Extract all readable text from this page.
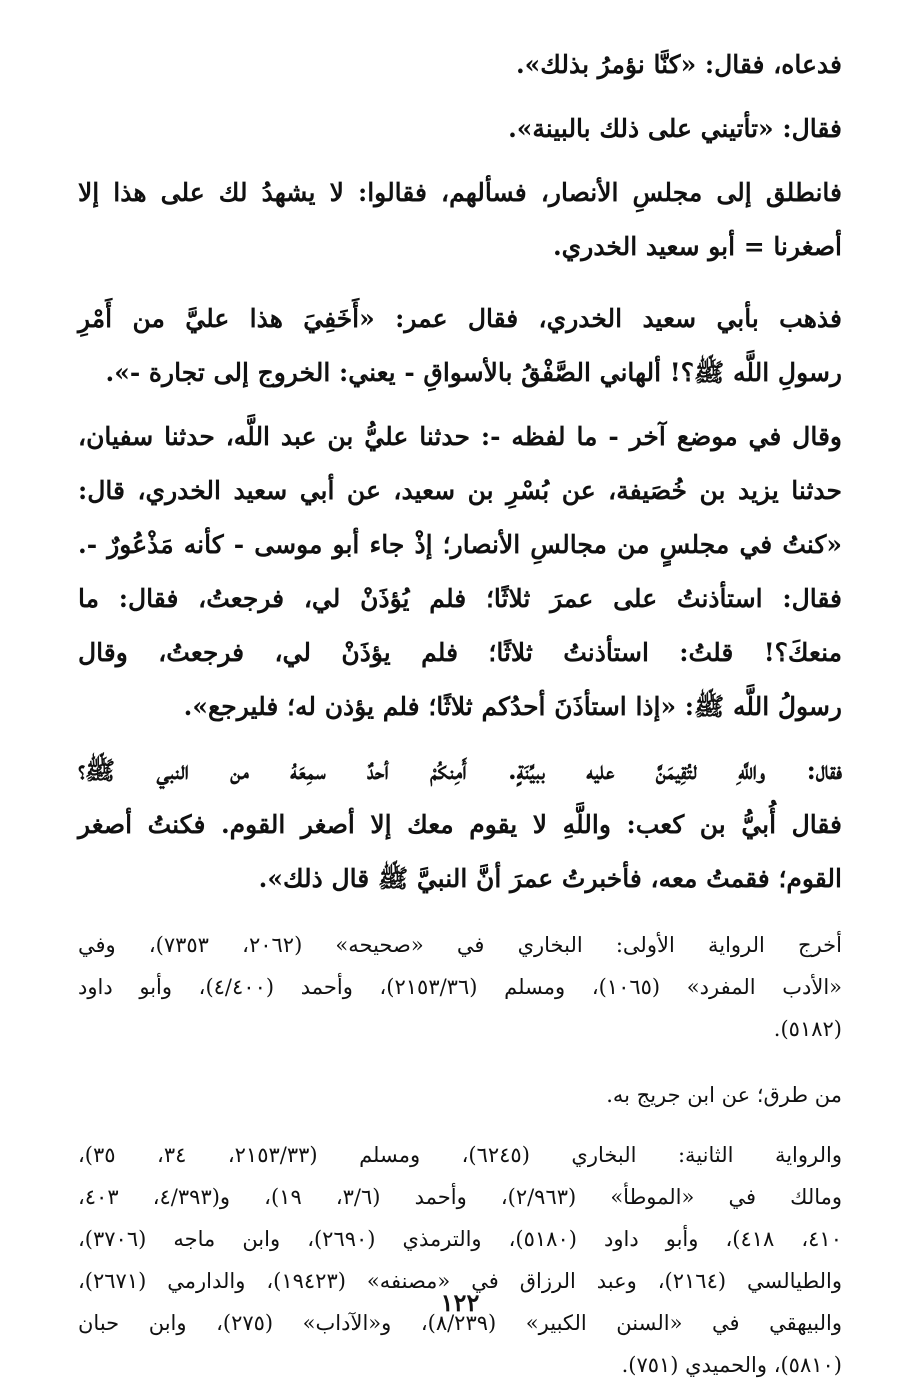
فدعاه، فقال: «كنَّا نؤمرُ بذلك».
فقال: «تأتيني على ذلك بالبينة».
فانطلق إلى مجلسِ الأنصار، فسألهم، فقالوا: لا يشهدُ لك على هذا إلا
أصغرنا = أبو سعيد الخدري.
فذهب بأبي سعيد الخدري، فقال عمر: «أَخَفِيَ هذا عليَّ من أَمْرِ
رسولِ اللَّه ﷺ؟! ألهاني الصَّفْقُ بالأسواقِ - يعني: الخروج إلى تجارة -».
وقال في موضع آخر - ما لفظه -: حدثنا عليُّ بن عبد اللَّه، حدثنا سفيان،
حدثنا يزيد بن خُصَيفة، عن بُسْرِ بن سعيد، عن أبي سعيد الخدري، قال:
«كنتُ في مجلسٍ من مجالسِ الأنصار؛ إذْ جاء أبو موسى - كأنه مَذْعُورٌ -.
فقال: استأذنتُ على عمرَ ثلاثًا؛ فلم يُؤذَنْ لي، فرجعتُ، فقال: ما
منعكَ؟! قلتُ: استأذنتُ ثلاثًا؛ فلم يؤذَنْ لي، فرجعتُ، وقال
رسولُ اللَّه ﷺ: «إذا استأذَنَ أحدُكم ثلاثًا؛ فلم يؤذن له؛ فليرجع».
فقال: واللَّهِ لتُقِيمَنَّ عليه ببيِّنَةٍ. أَمِنكُمْ أحدٌ سمِعَهُ من النبي ﷺ؟
فقال أُبيُّ بن كعب: واللَّهِ لا يقوم معك إلا أصغر القوم. فكنتُ أصغر
القوم؛ فقمتُ معه، فأخبرتُ عمرَ أنَّ النبيَّ ﷺ قال ذلك».
أخرج الرواية الأولى: البخاري في «صحيحه» (٢٠٦٢، ٧٣٥٣)، وفي
«الأدب المفرد» (١٠٦٥)، ومسلم (٢١٥٣/٣٦)، وأحمد (٤/٤٠٠)، وأبو داود
(٥١٨٢).
من طرق؛ عن ابن جريج به.
والرواية الثانية: البخاري (٦٢٤٥)، ومسلم (٢١٥٣/٣٣، ٣٤، ٣٥)،
ومالك في «الموطأ» (٢/٩٦٣)، وأحمد (٣/٦، ١٩)، و(٤/٣٩٣، ٤٠٣،
٤١٠، ٤١٨)، وأبو داود (٥١٨٠)، والترمذي (٢٦٩٠)، وابن ماجه (٣٧٠٦)،
والطيالسي (٢١٦٤)، وعبد الرزاق في «مصنفه» (١٩٤٢٣)، والدارمي (٢٦٧١)،
والبيهقي في «السنن الكبير» (٨/٢٣٩)، و«الآداب» (٢٧٥)، وابن حبان
(٥٨١٠)، والحميدي (٧٥١).
١٢٢
